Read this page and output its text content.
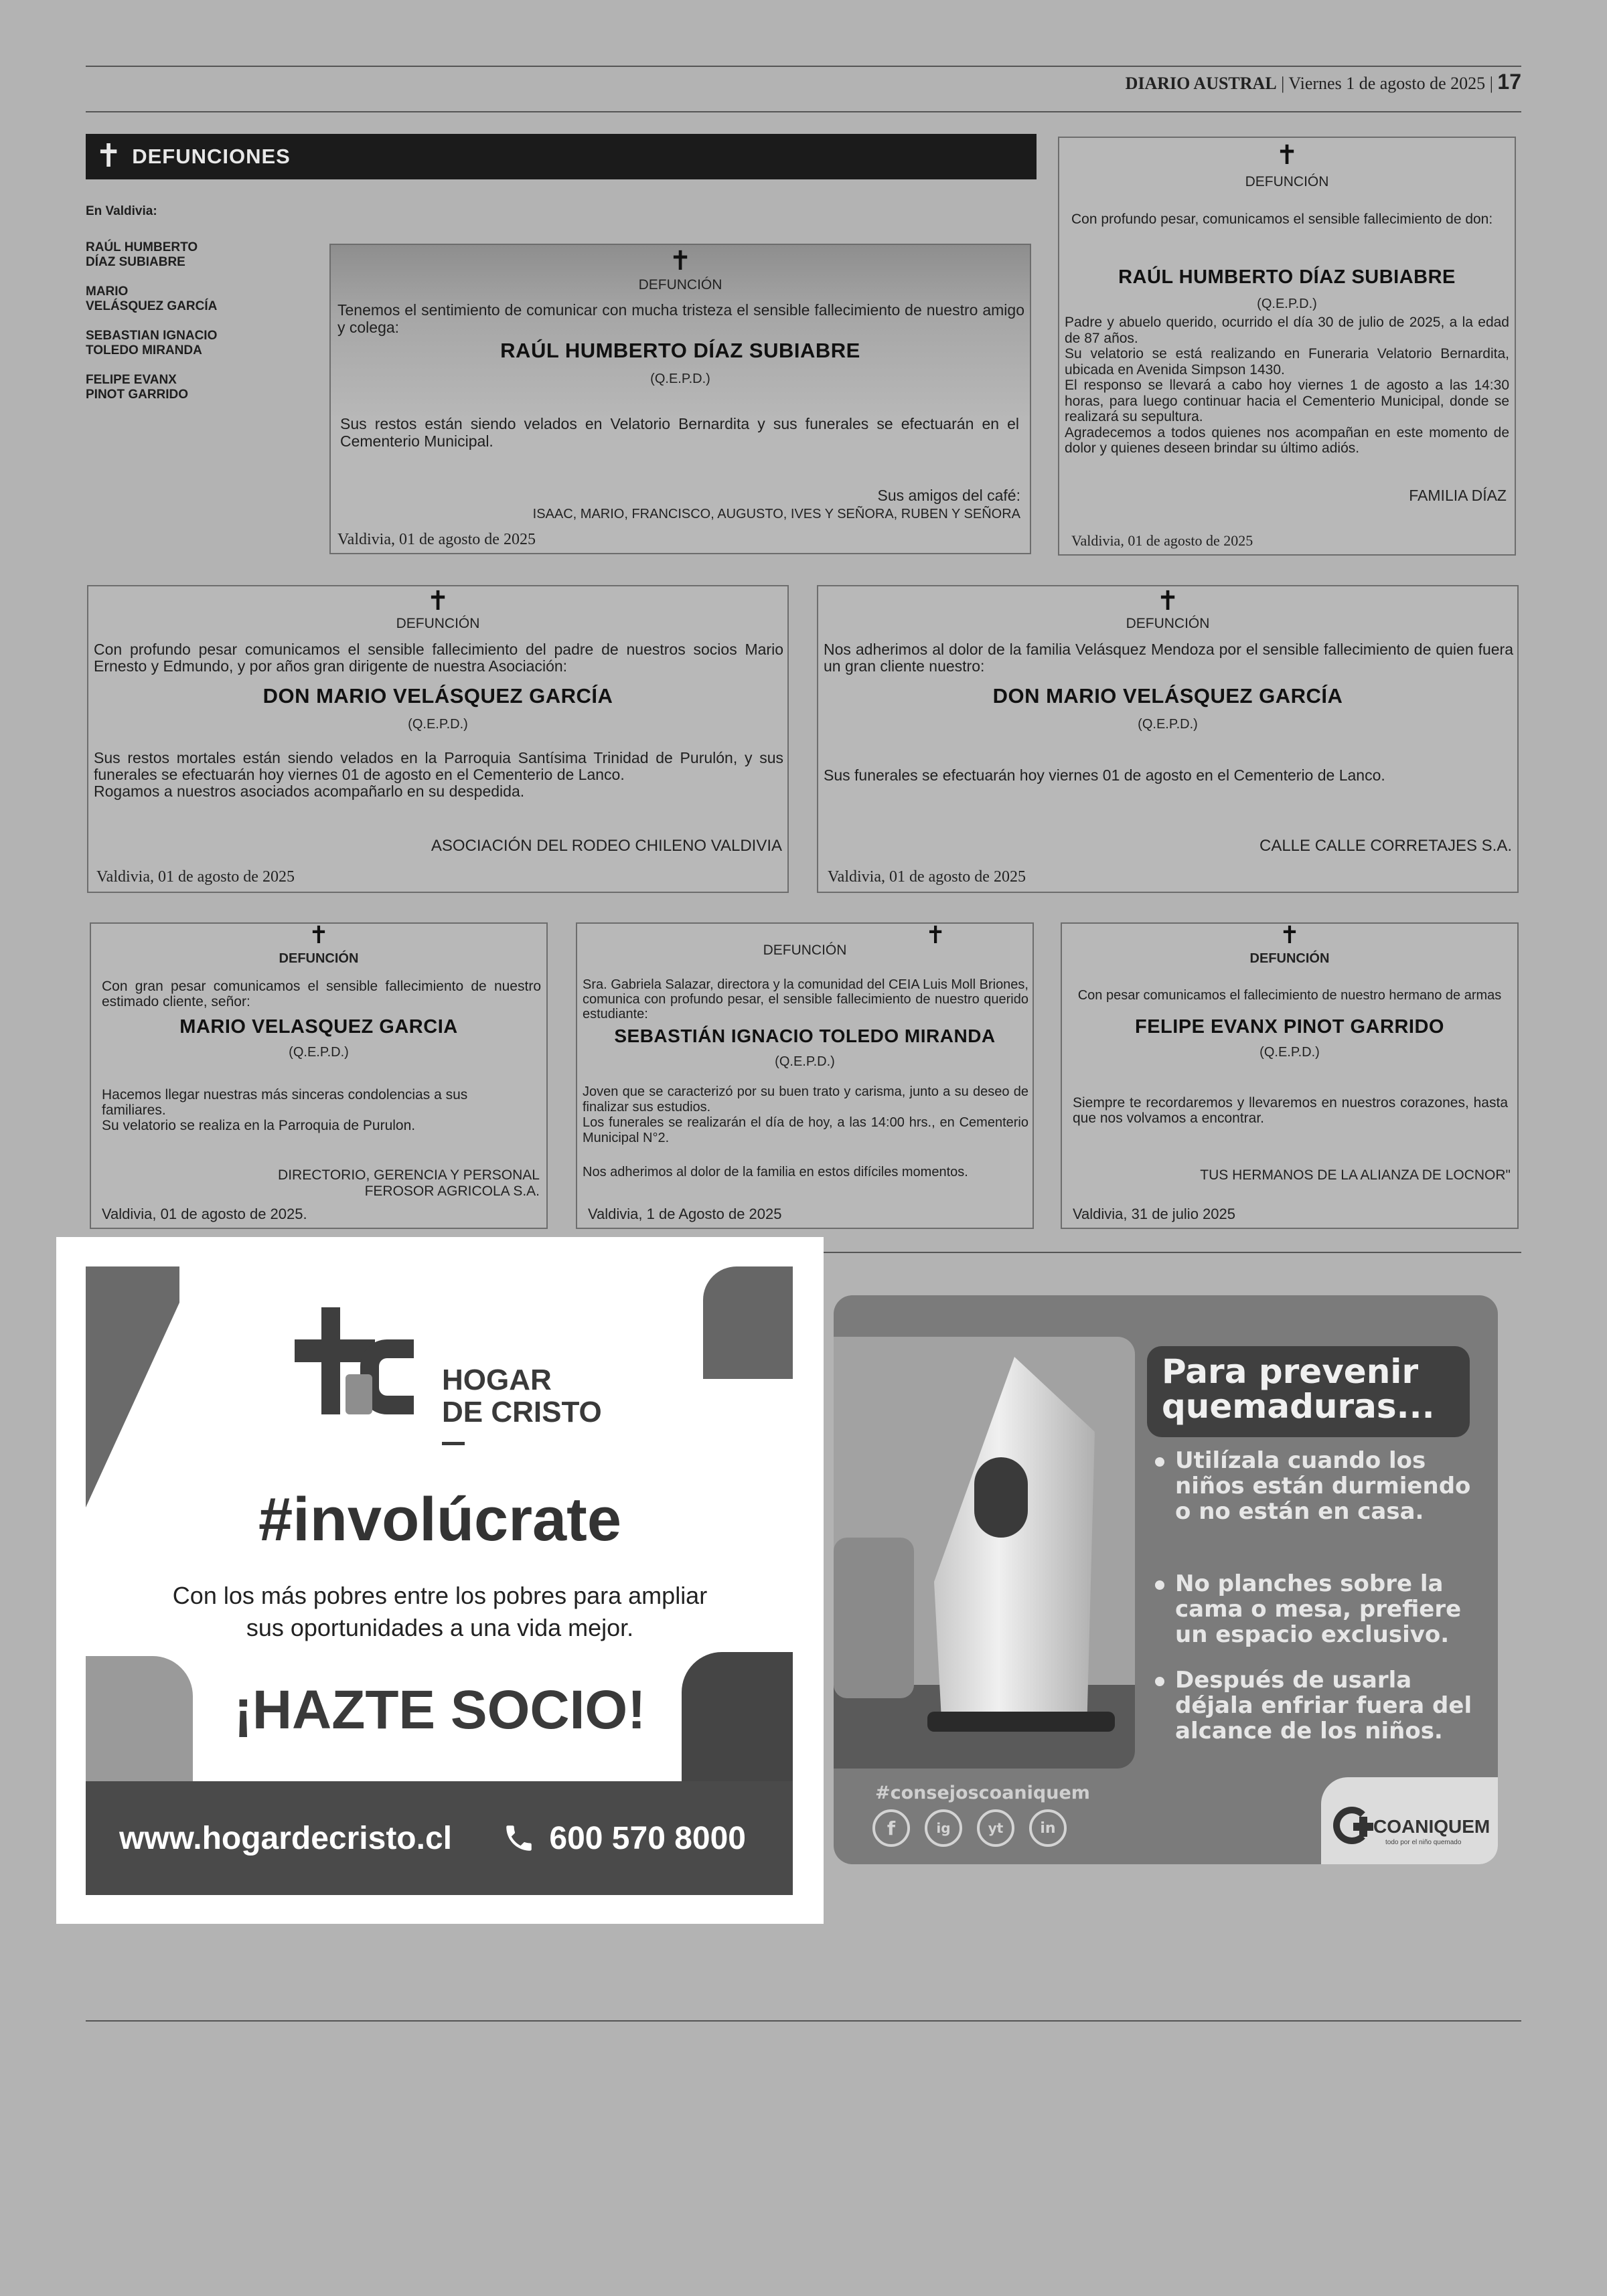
DIARIO AUSTRAL | Viernes 1 de agosto de 2025 | 17
✝ DEFUNCIONES
En Valdivia:
RAÚL HUMBERTO
DÍAZ SUBIABRE
MARIO
VELÁSQUEZ GARCÍA
SEBASTIAN IGNACIO
TOLEDO MIRANDA
FELIPE EVANX
PINOT GARRIDO
✝
DEFUNCIÓN
Tenemos el sentimiento de comunicar con mucha tristeza el sensible fallecimiento de nuestro amigo y colega:
RAÚL HUMBERTO DÍAZ SUBIABRE
(Q.E.P.D.)
Sus restos están siendo velados en Velatorio Bernardita y sus funerales se efectuarán en el Cementerio Municipal.
Sus amigos del café:
ISAAC, MARIO, FRANCISCO, AUGUSTO, IVES Y SEÑORA, RUBEN Y SEÑORA
Valdivia, 01 de agosto de 2025
✝
DEFUNCIÓN
Con profundo pesar, comunicamos el sensible fallecimiento de don:
RAÚL HUMBERTO DÍAZ SUBIABRE
(Q.E.P.D.)
Padre y abuelo querido, ocurrido el día 30 de julio de 2025, a la edad de 87 años.
Su velatorio se está realizando en Funeraria Velatorio Bernardita, ubicada en Avenida Simpson 1430.
El responso se llevará a cabo hoy viernes 1 de agosto a las 14:30 horas, para luego continuar hacia el Cementerio Municipal, donde se realizará su sepultura.
Agradecemos a todos quienes nos acompañan en este momento de dolor y quienes deseen brindar su último adiós.
FAMILIA DÍAZ
Valdivia, 01 de agosto de 2025
✝
DEFUNCIÓN
Con profundo pesar comunicamos el sensible fallecimiento del padre de nuestros socios Mario Ernesto y Edmundo, y por años gran dirigente de nuestra Asociación:
DON MARIO VELÁSQUEZ GARCÍA
(Q.E.P.D.)
Sus restos mortales están siendo velados en la Parroquia Santísima Trinidad de Purulón, y sus funerales se efectuarán hoy viernes 01 de agosto en el Cementerio de Lanco.
Rogamos a nuestros asociados acompañarlo en su despedida.
ASOCIACIÓN DEL RODEO CHILENO VALDIVIA
Valdivia, 01 de agosto de 2025
✝
DEFUNCIÓN
Nos adherimos al dolor de la familia Velásquez Mendoza por el sensible fallecimiento de quien fuera un gran cliente nuestro:
DON MARIO VELÁSQUEZ GARCÍA
(Q.E.P.D.)
Sus funerales se efectuarán hoy viernes 01 de agosto en el Cementerio de Lanco.
CALLE CALLE CORRETAJES S.A.
Valdivia, 01 de agosto de 2025
✝
DEFUNCIÓN
Con gran pesar comunicamos el sensible fallecimiento de nuestro estimado cliente, señor:
MARIO VELASQUEZ GARCIA
(Q.E.P.D.)
Hacemos llegar nuestras más sinceras condolencias a sus familiares.
Su velatorio se realiza en la Parroquia de Purulon.
DIRECTORIO, GERENCIA Y PERSONAL
FEROSOR AGRICOLA S.A.
Valdivia, 01 de agosto de 2025.
DEFUNCIÓN
✝
Sra. Gabriela Salazar, directora y la comunidad del CEIA Luis Moll Briones, comunica con profundo pesar, el sensible fallecimiento de nuestro querido estudiante:
SEBASTIÁN IGNACIO TOLEDO MIRANDA
(Q.E.P.D.)
Joven que se caracterizó por su buen trato y carisma, junto a su deseo de finalizar sus estudios.
Los funerales se realizarán el día de hoy, a las 14:00 hrs., en Cementerio Municipal N°2.
Nos adherimos al dolor de la familia en estos difíciles momentos.
Valdivia, 1 de Agosto de 2025
✝
DEFUNCIÓN
Con pesar comunicamos el fallecimiento de nuestro hermano de armas
FELIPE EVANX PINOT GARRIDO
(Q.E.P.D.)
Siempre te recordaremos y llevaremos en nuestros corazones, hasta que nos volvamos a encontrar.
TUS HERMANOS DE LA ALIANZA DE LOCNOR"
Valdivia, 31 de julio 2025
HOGAR
DE CRISTO
#involúcrate
Con los más pobres entre los pobres para ampliar
sus oportunidades a una vida mejor.
¡HAZTE SOCIO!
www.hogardecristo.cl	600 570 8000
Para prevenir quemaduras...
Utilízala cuando los niños están durmiendo o no están en casa.
No planches sobre la cama o mesa, prefiere un espacio exclusivo.
Después de usarla déjala enfriar fuera del alcance de los niños.
#consejoscoaniquem
f	ig	yt	in	COANIQUEM
todo por el niño quemado
